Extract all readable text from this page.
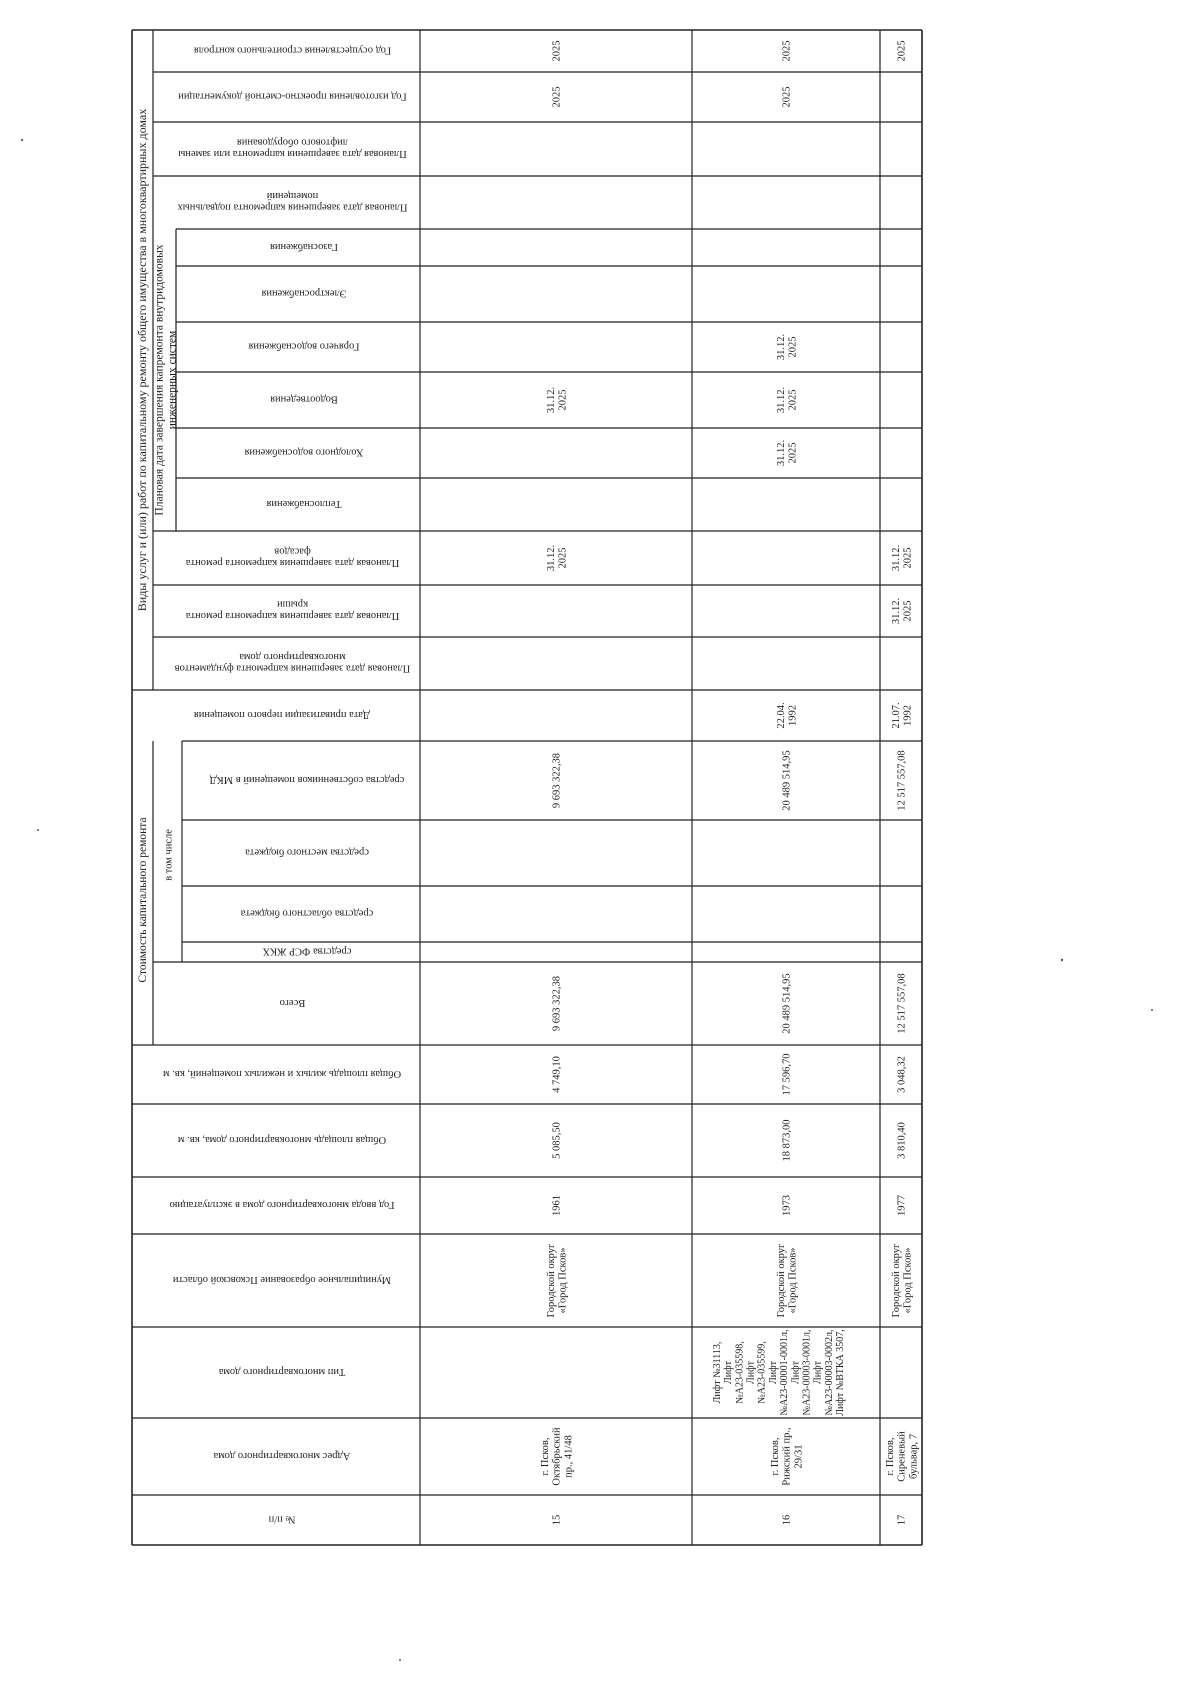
Виды услуг и (или) работ по капитальному ремонту общего имущества в многоквартирных домах Плановая дата завершения капремонта внутридомовыхинженерных систем
Стоимость капитального ремонта в том числе
Год осуществления строительного контроля
Год изготовления проектно-сметной документации
Плановая дата завершения капремонта или заменылифтового оборудования
Плановая дата завершения капремонта подвальныхпомещений
Газоснабжения
Электроснабжения
Горячего водоснабжения
Водоотведения
Холодного водоснабжения
Теплоснабжения
Плановая дата завершения капремонта ремонтафасадов
Плановая дата завершения капремонта ремонтакрыши
Плановая дата завершения капремонта фундаментовмногоквартирного дома
Дата приватизации первого помещения
средства собственников помещений в МКД
средства местного бюджета
средства областного бюджета
средства ФСР ЖКХ
Всего
Общая площадь жилых и нежилых помещений, кв. м
Общая площадь многоквартирного дома, кв. м
Год ввода многоквартирного дома в эксплуатацию
Муниципальное образование Псковской области
Тип многоквартирного дома
Адрес многоквартирного дома
№ п/п
2025
2025
31.12.2025
31.12.2025
9 693 322,38
9 693 322,38
4 749,10
5 085,50
1961
Городской округ«Город Псков»
г. Псков,Октябрьскийпр., 41/48
15
2025
2025
31.12.2025
31.12.2025
31.12.2025
22.04.1992
20 489 514,95
20 489 514,95
17 596,70
18 873,00
1973
Городской округ«Город Псков»
Лифт №31113,Лифт№А23-035598,Лифт№А23-035599,Лифт№А23-00001-0001л,Лифт№А23-00003-0001л,Лифт№А23-00003-0002л,Лифт №ВТКА 3507,
г. Псков,Рижский пр.,29/31
16
2025
31.12.2025
31.12.2025
21.07.1992
12 517 557,08
12 517 557,08
3 048,32
3 810,40
1977
Городской округ«Город Псков»
г. Псков,Сиреневыйбульвар, 7
17
